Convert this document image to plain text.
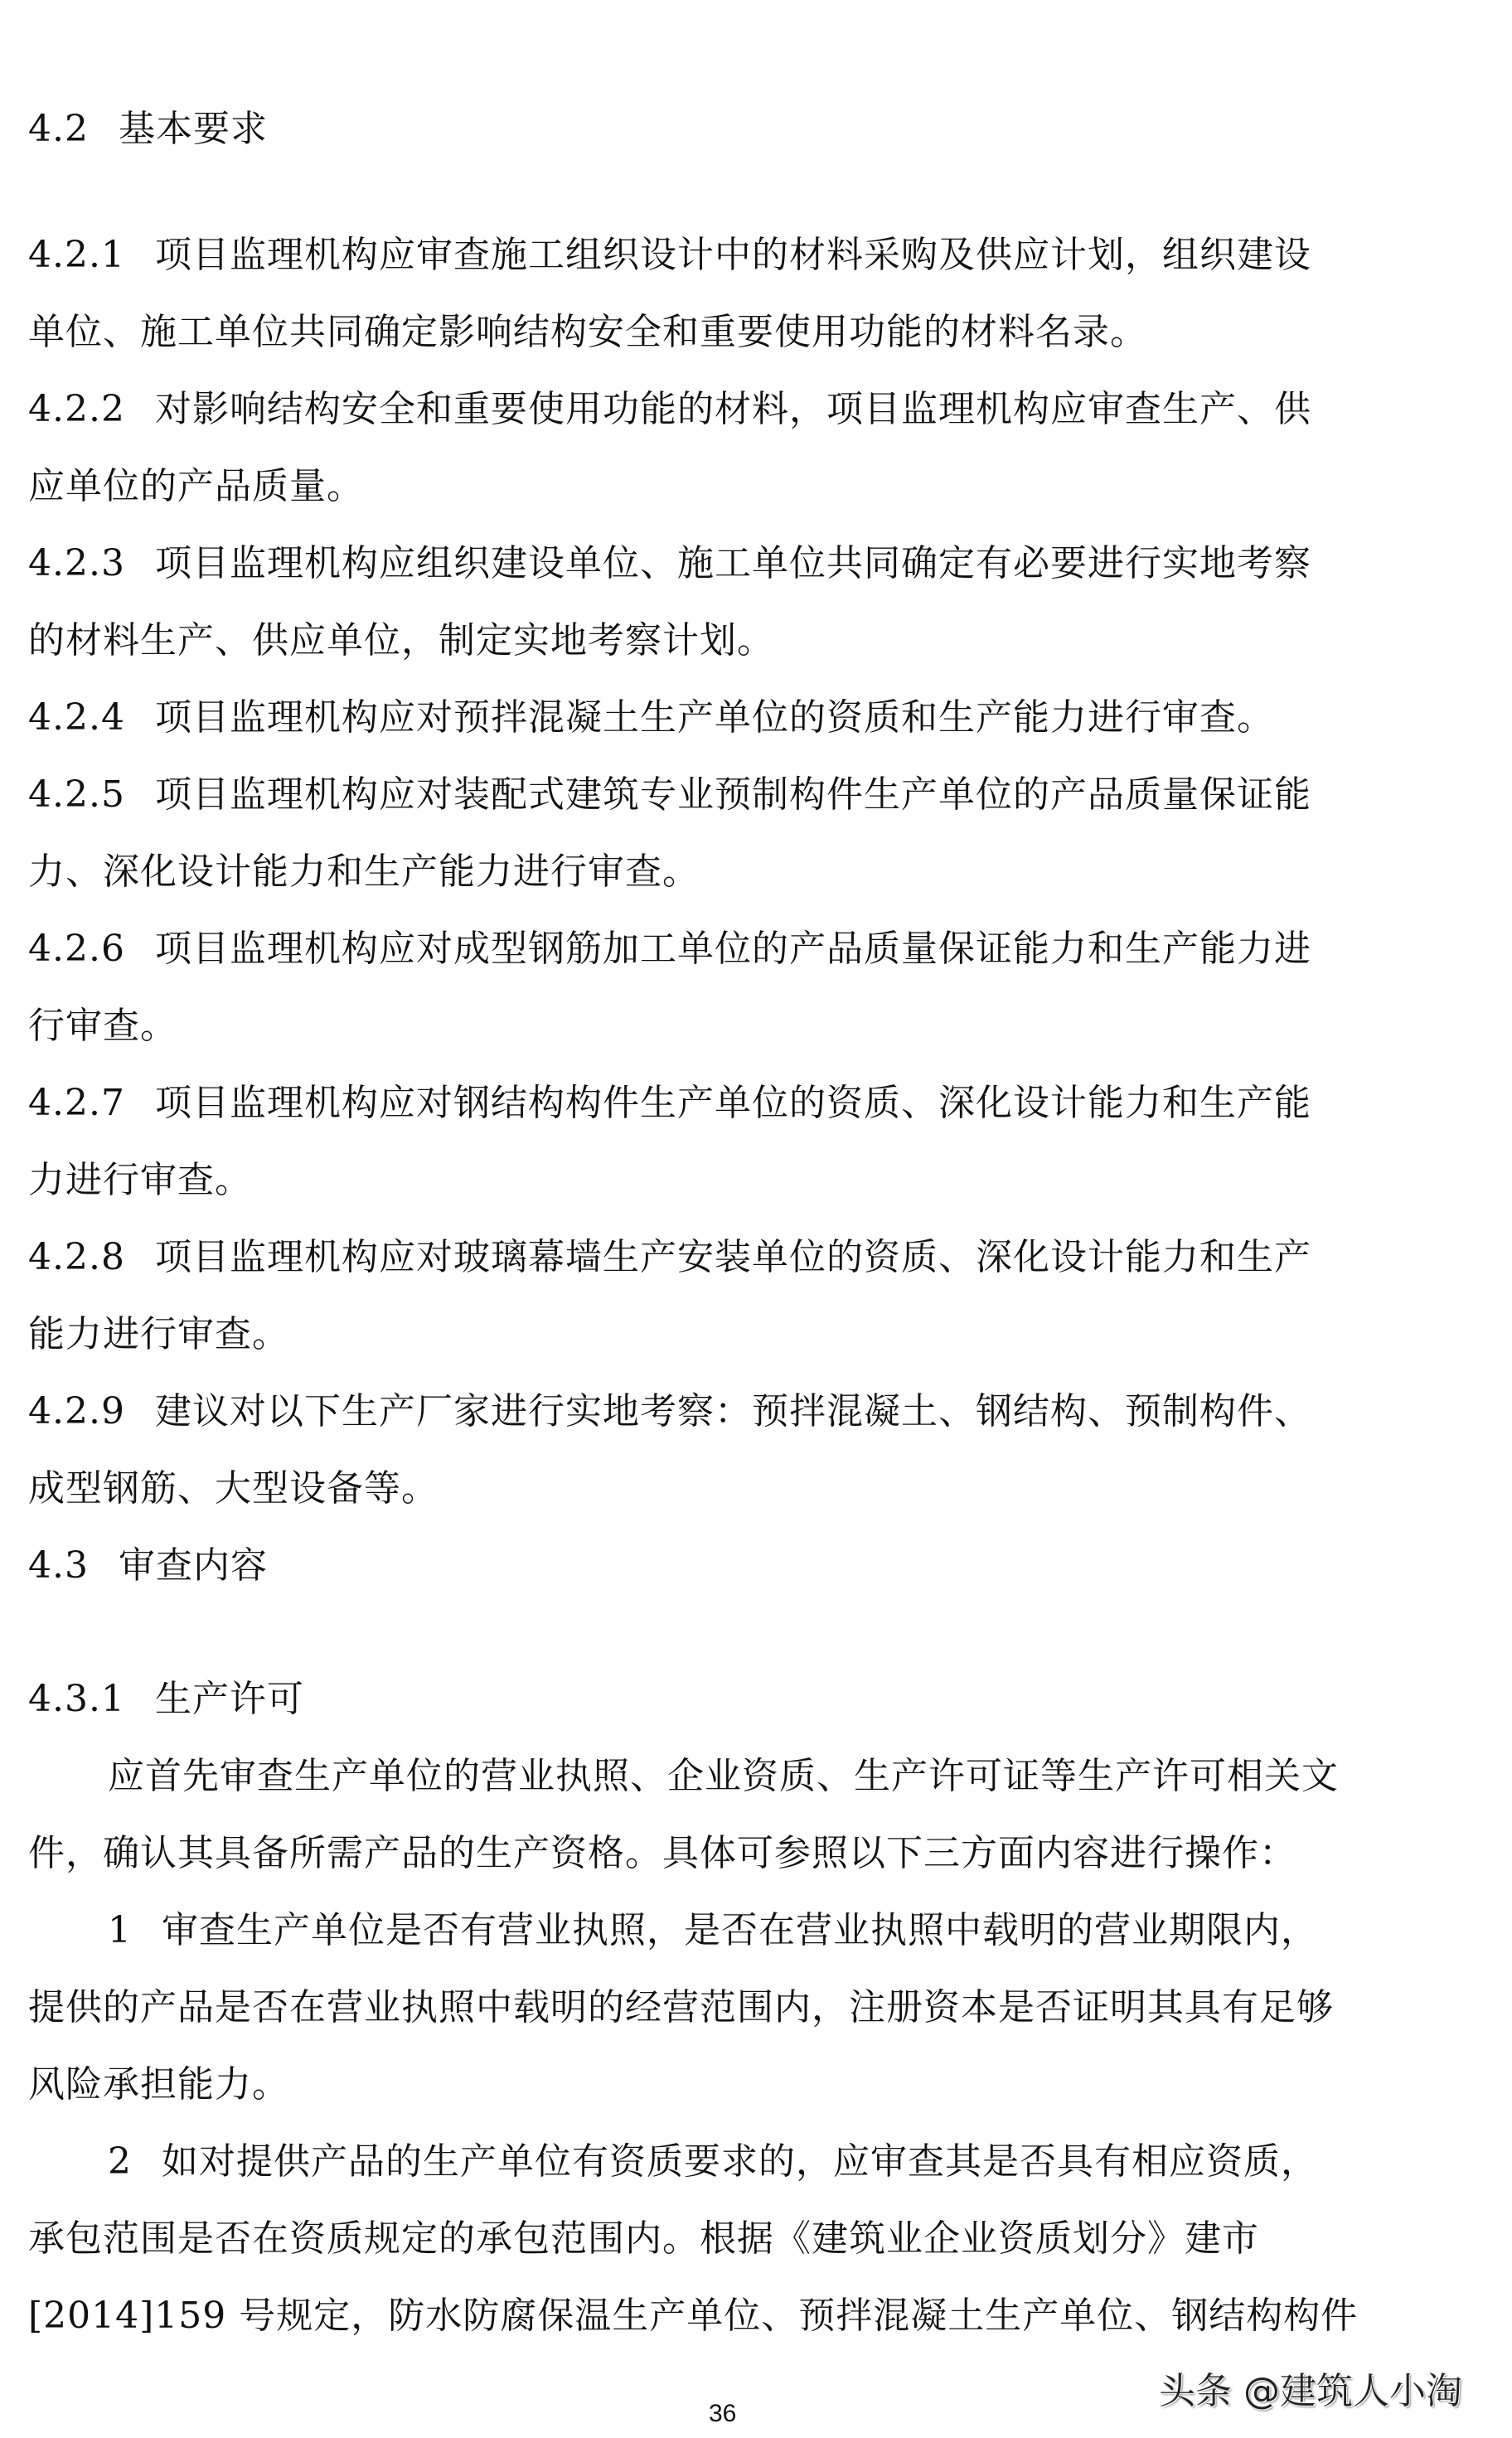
4.2 基本要求
4.2.1 项目监理机构应审查施工组织设计中的材料采购及供应计划，组织建设
单位、施工单位共同确定影响结构安全和重要使用功能的材料名录。
4.2.2 对影响结构安全和重要使用功能的材料，项目监理机构应审查生产、供
应单位的产品质量。
4.2.3 项目监理机构应组织建设单位、施工单位共同确定有必要进行实地考察
的材料生产、供应单位，制定实地考察计划。
4.2.4 项目监理机构应对预拌混凝土生产单位的资质和生产能力进行审查。
4.2.5 项目监理机构应对装配式建筑专业预制构件生产单位的产品质量保证能
力、深化设计能力和生产能力进行审查。
4.2.6 项目监理机构应对成型钢筋加工单位的产品质量保证能力和生产能力进
行审查。
4.2.7 项目监理机构应对钢结构构件生产单位的资质、深化设计能力和生产能
力进行审查。
4.2.8 项目监理机构应对玻璃幕墙生产安装单位的资质、深化设计能力和生产
能力进行审查。
4.2.9 建议对以下生产厂家进行实地考察：预拌混凝土、钢结构、预制构件、
成型钢筋、大型设备等。
4.3 审查内容
4.3.1 生产许可
应首先审查生产单位的营业执照、企业资质、生产许可证等生产许可相关文
件，确认其具备所需产品的生产资格。具体可参照以下三方面内容进行操作：
1 审查生产单位是否有营业执照，是否在营业执照中载明的营业期限内，
提供的产品是否在营业执照中载明的经营范围内，注册资本是否证明其具有足够
风险承担能力。
2 如对提供产品的生产单位有资质要求的，应审查其是否具有相应资质，
承包范围是否在资质规定的承包范围内。根据《建筑业企业资质划分》建市
[2014]159 号规定，防水防腐保温生产单位、预拌混凝土生产单位、钢结构构件
36
头条 @建筑人小淘
